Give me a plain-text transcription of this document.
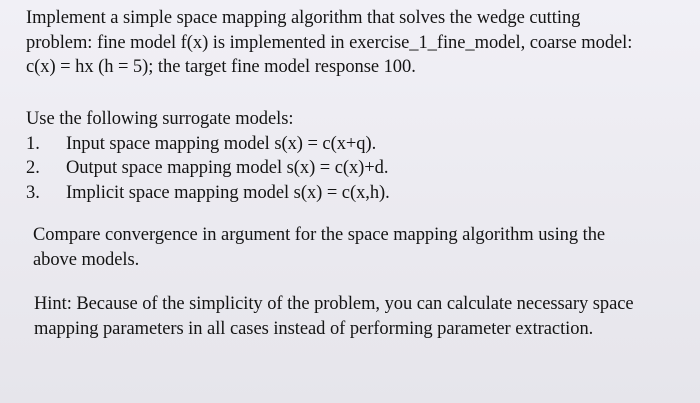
Implement a simple space mapping algorithm that solves the wedge cutting
problem: fine model f(x) is implemented in exercise_1_fine_model, coarse model:
c(x) = hx (h = 5); the target fine model response 100.
Use the following surrogate models:
1. Input space mapping model s(x) = c(x+q).
2. Output space mapping model s(x) = c(x)+d.
3. Implicit space mapping model s(x) = c(x,h).
Compare convergence in argument for the space mapping algorithm using the
above models.
Hint: Because of the simplicity of the problem, you can calculate necessary space
mapping parameters in all cases instead of performing parameter extraction.
